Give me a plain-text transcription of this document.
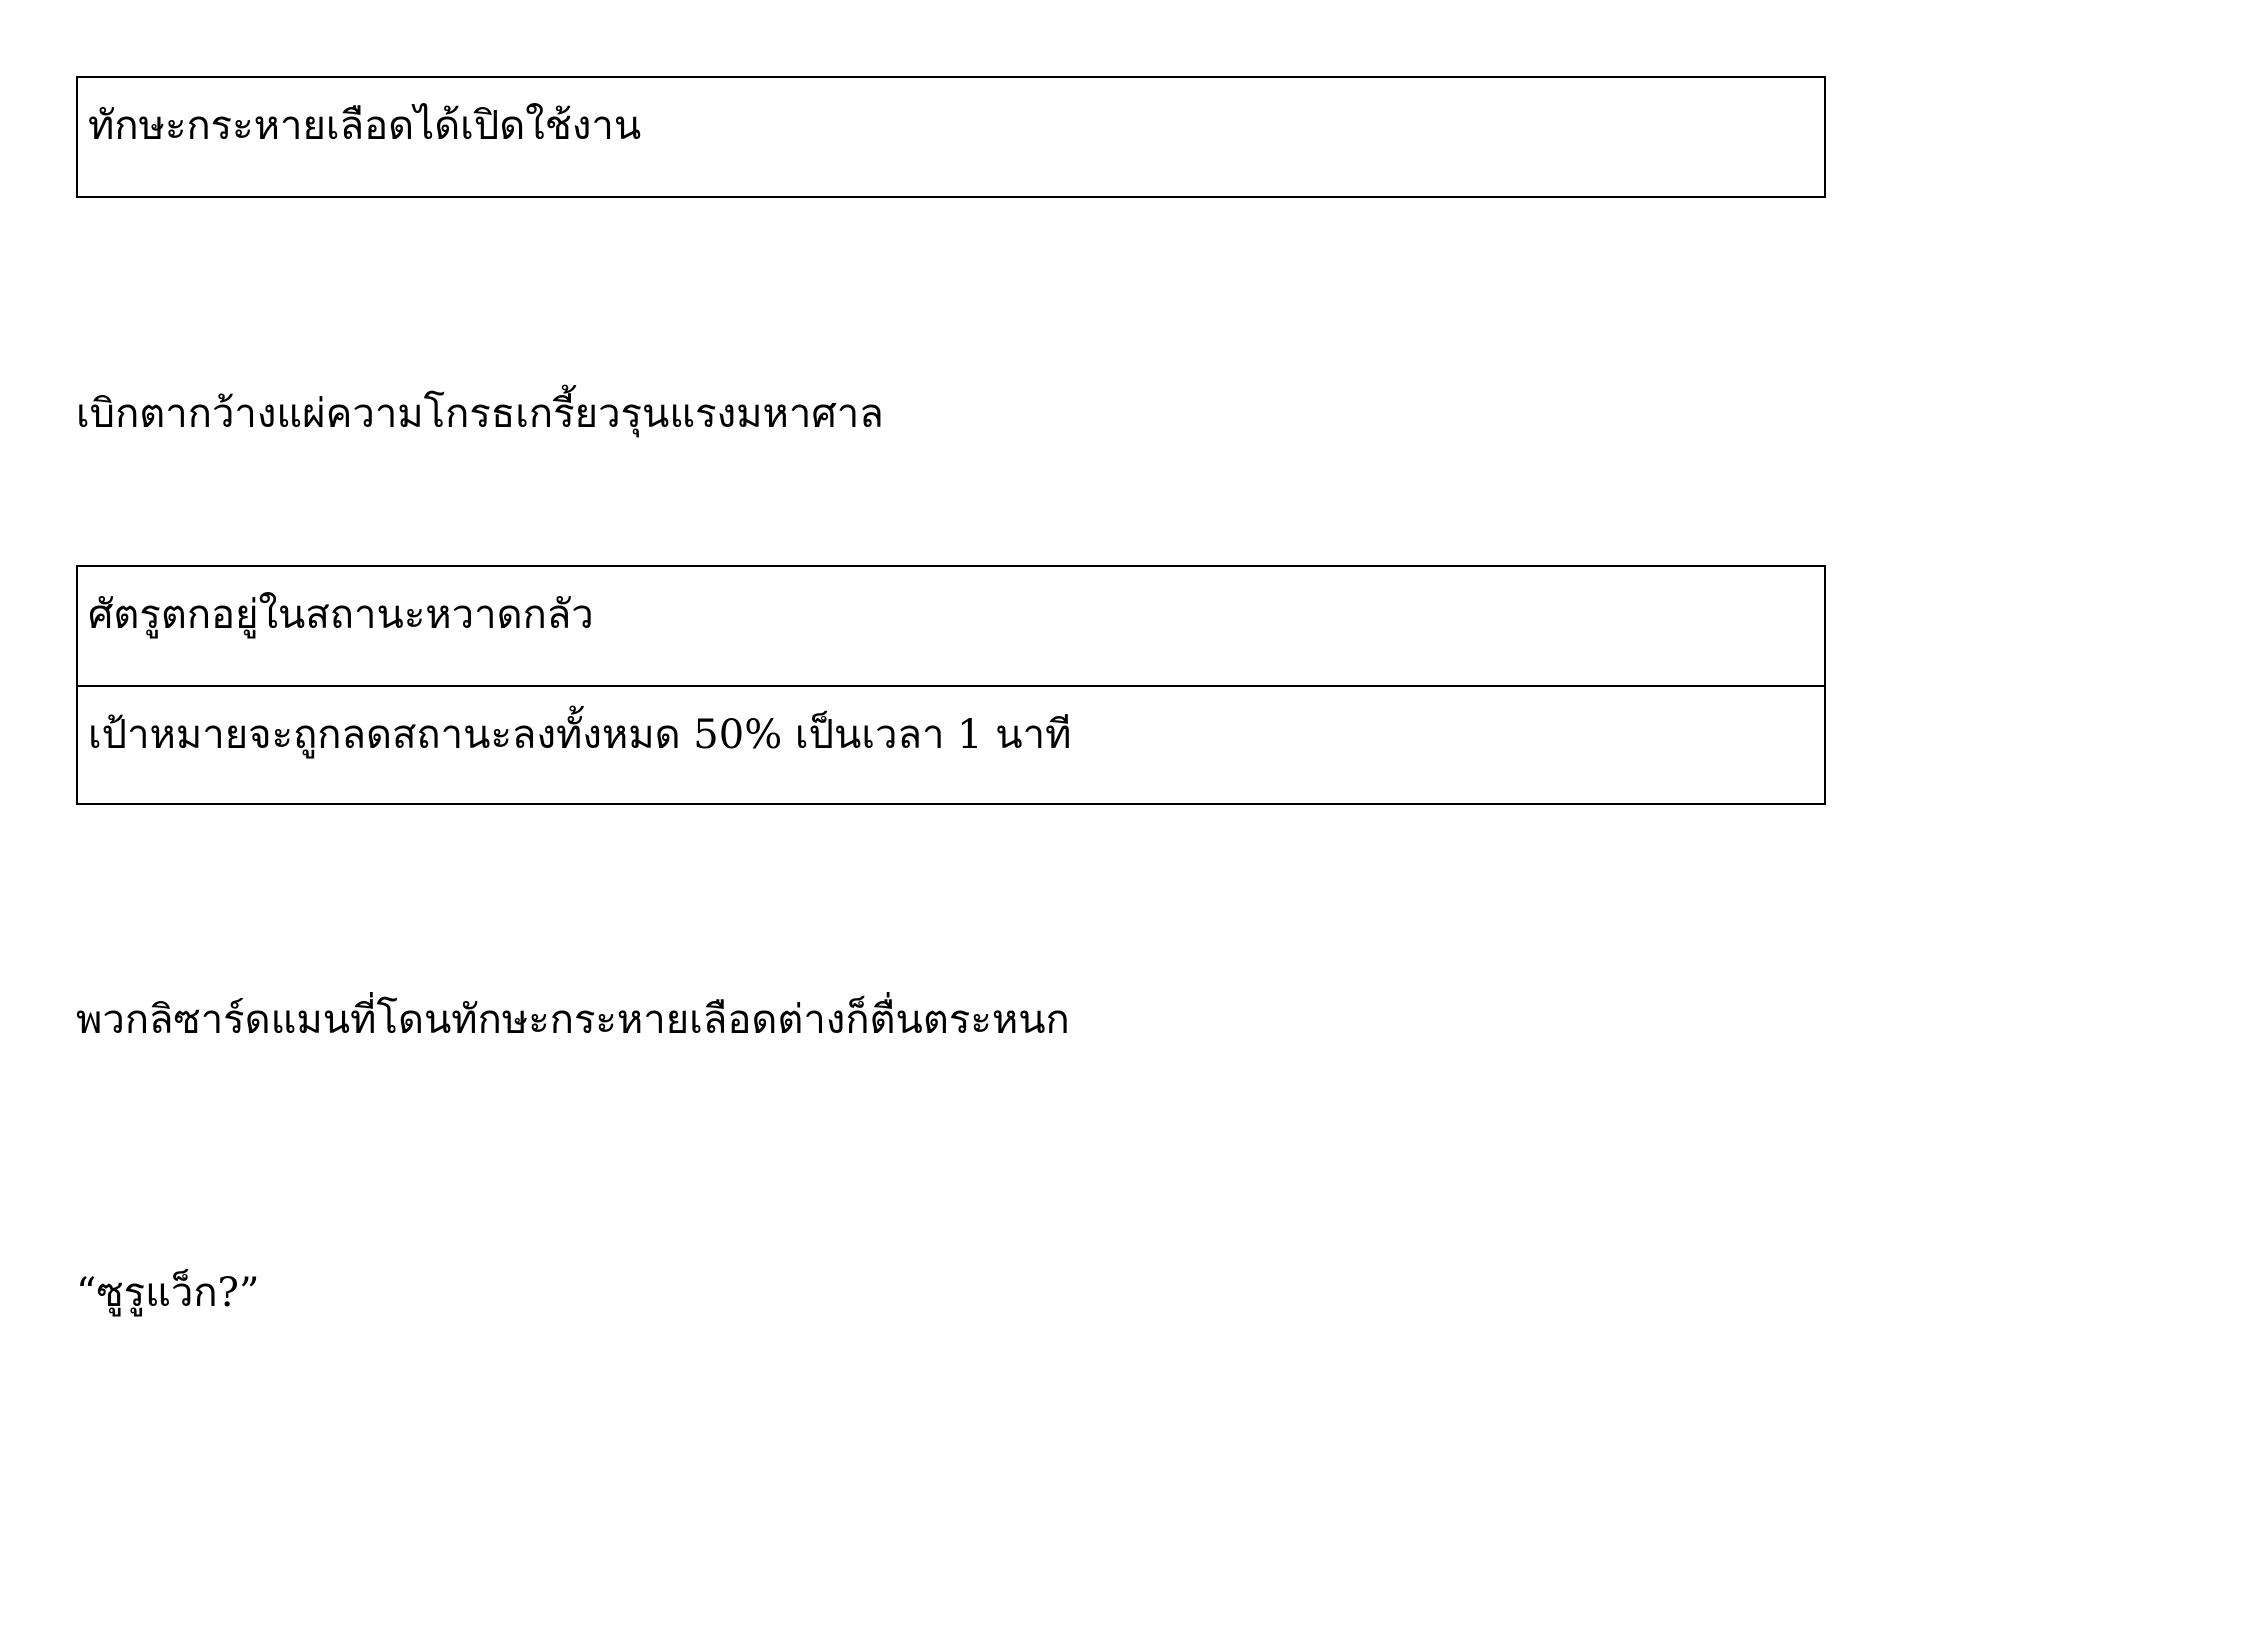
ทักษะกระหายเลือดได้เปิดใช้งาน
เบิกตากว้างแผ่ความโกรธเกรี้ยวรุนแรงมหาศาล
ศัตรูตกอยู่ในสถานะหวาดกลัว
เป้าหมายจะถูกลดสถานะลงทั้งหมด 50% เป็นเวลา 1 นาที
พวกลิซาร์ดแมนที่โดนทักษะกระหายเลือดต่างก็ตื่นตระหนก
“ซูรูแว็ก?”
